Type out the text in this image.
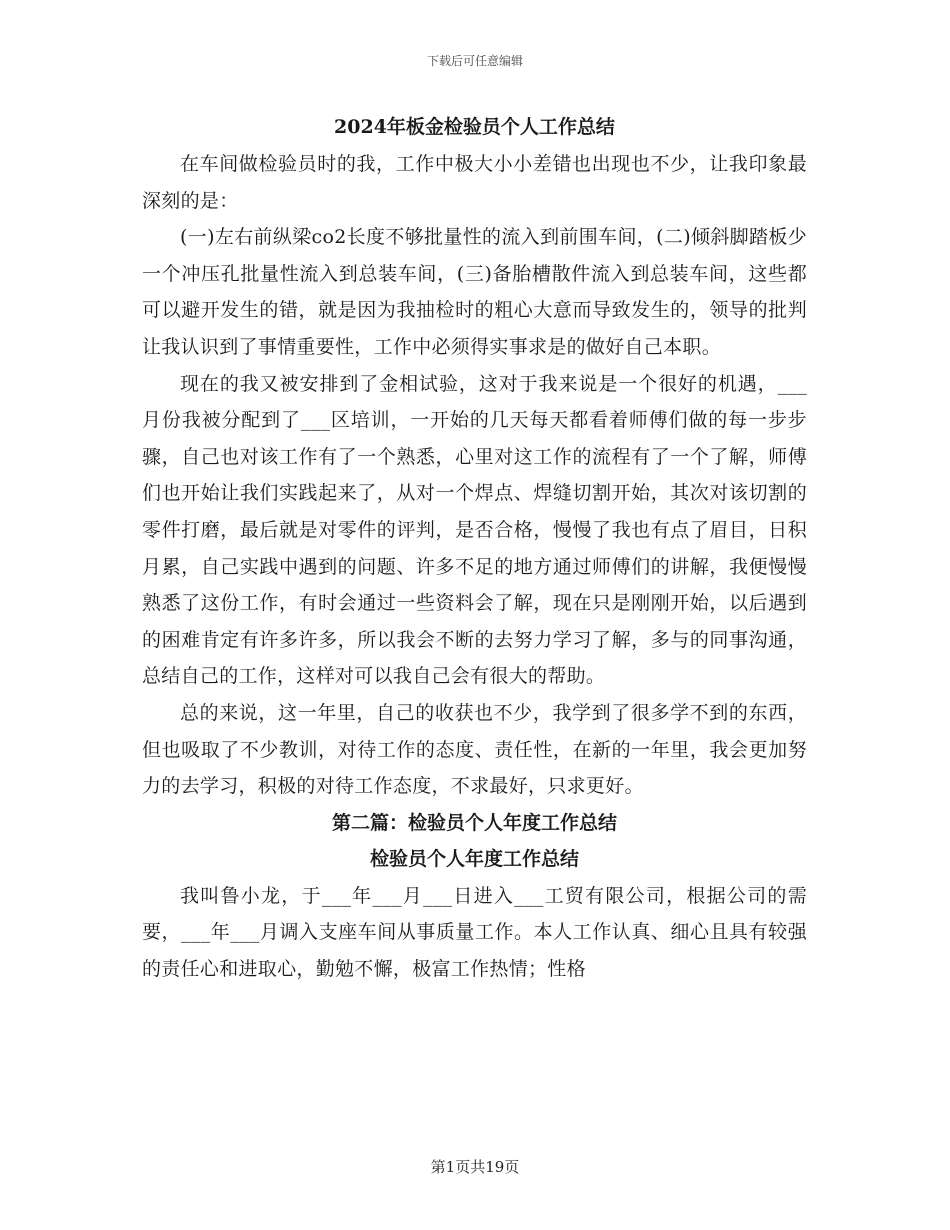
下载后可任意编辑
2024年板金检验员个人工作总结

在车间做检验员时的我，工作中极大小小差错也出现也不少，让我印象最深刻的是：

(一)左右前纵梁co2长度不够批量性的流入到前围车间，(二)倾斜脚踏板少一个冲压孔批量性流入到总装车间，(三)备胎槽散件流入到总装车间，这些都可以避开发生的错，就是因为我抽检时的粗心大意而导致发生的，领导的批判让我认识到了事情重要性，工作中必须得实事求是的做好自己本职。

现在的我又被安排到了金相试验，这对于我来说是一个很好的机遇，___月份我被分配到了___区培训，一开始的几天每天都看着师傅们做的每一步步骤，自己也对该工作有了一个熟悉，心里对这工作的流程有了一个了解，师傅们也开始让我们实践起来了，从对一个焊点、焊缝切割开始，其次对该切割的零件打磨，最后就是对零件的评判，是否合格，慢慢了我也有点了眉目，日积月累，自己实践中遇到的问题、许多不足的地方通过师傅们的讲解，我便慢慢熟悉了这份工作，有时会通过一些资料会了解，现在只是刚刚开始，以后遇到的困难肯定有许多许多，所以我会不断的去努力学习了解，多与的同事沟通，总结自己的工作，这样对可以我自己会有很大的帮助。

总的来说，这一年里，自己的收获也不少，我学到了很多学不到的东西，但也吸取了不少教训，对待工作的态度、责任性，在新的一年里，我会更加努力的去学习，积极的对待工作态度，不求最好，只求更好。

第二篇：检验员个人年度工作总结
检验员个人年度工作总结

我叫鲁小龙，于___年___月___日进入___工贸有限公司，根据公司的需要，___年___月调入支座车间从事质量工作。本人工作认真、细心且具有较强的责任心和进取心，勤勉不懈，极富工作热情；性格

第1页共19页
